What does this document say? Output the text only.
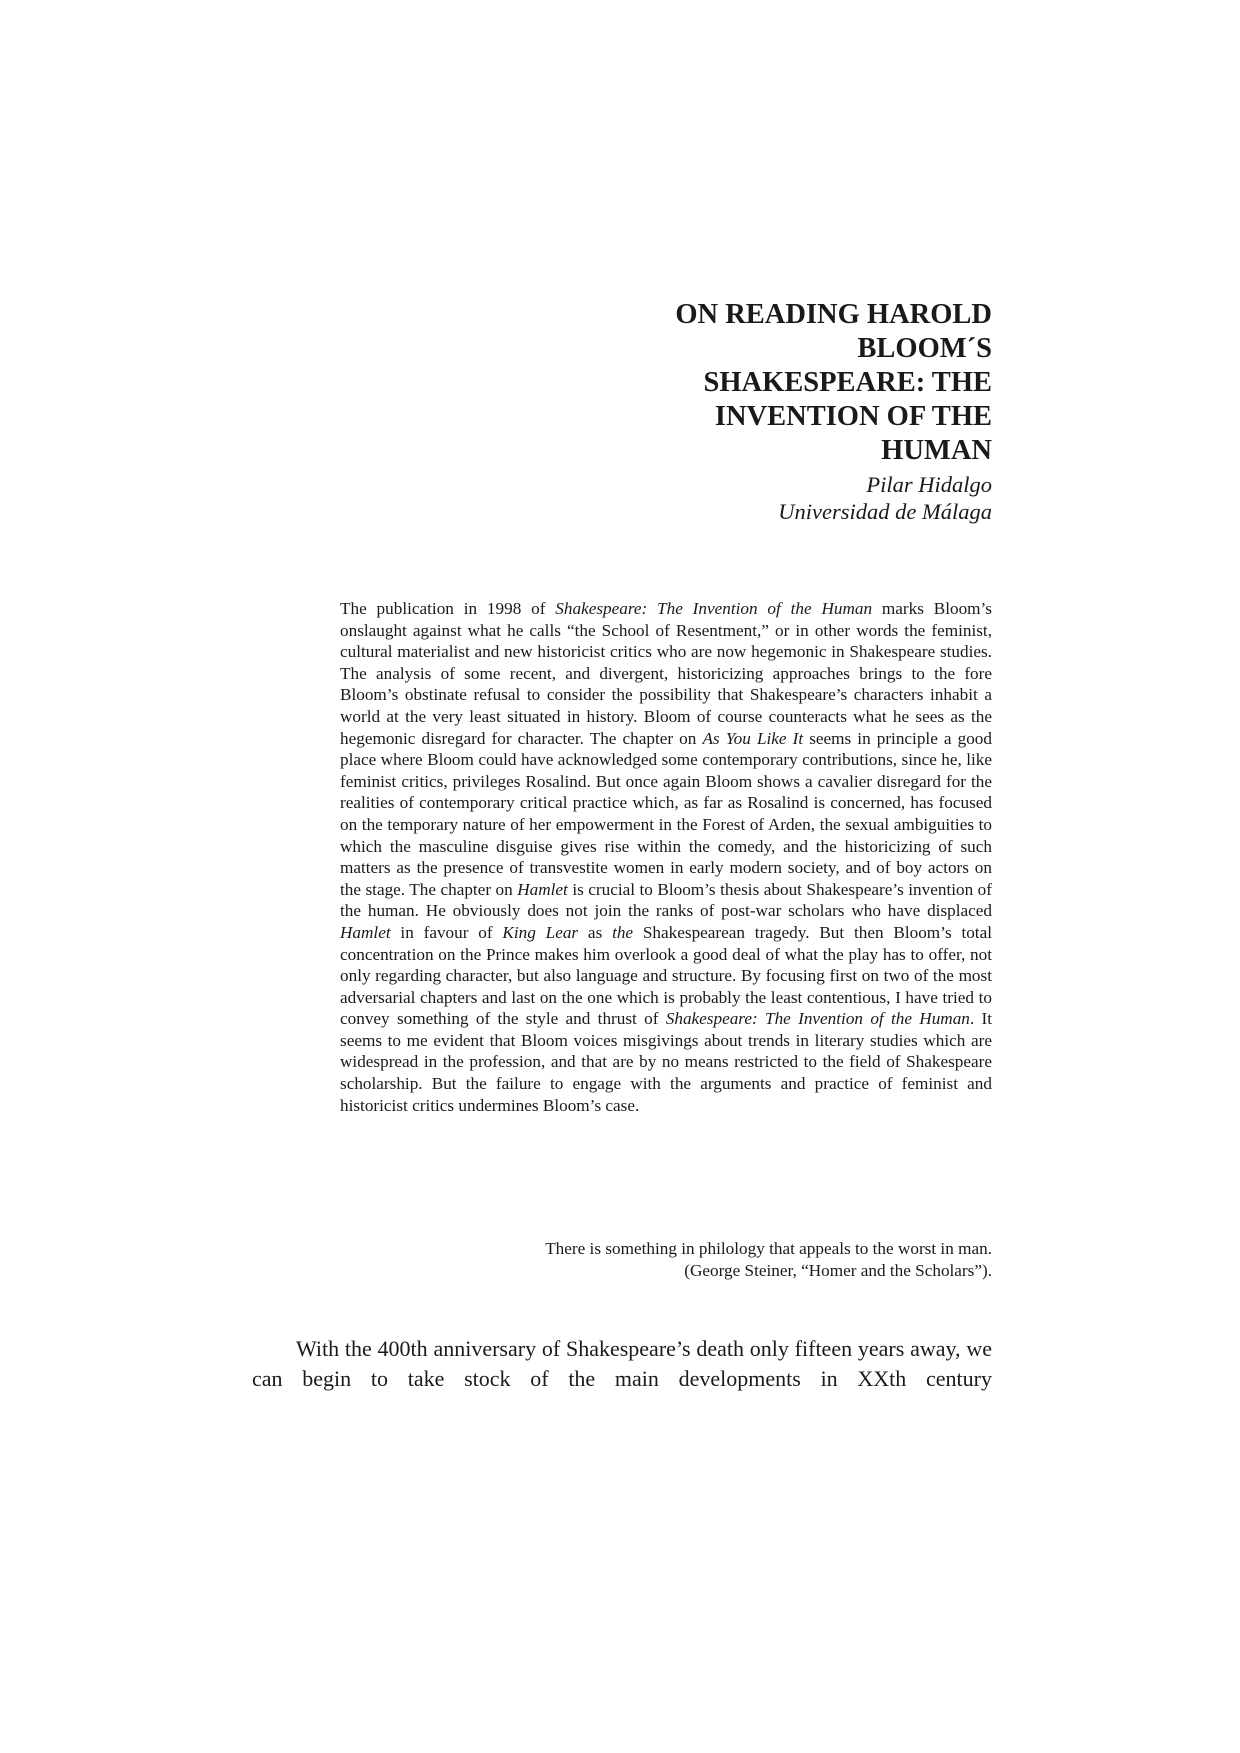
ON READING HAROLD
BLOOM´S
SHAKESPEARE: THE
INVENTION OF THE
HUMAN

Pilar Hidalgo

Universidad de Málaga

The publication in 1998 of Shakespeare: The Invention of the Human marks Bloom’s onslaught against what he calls “the School of Resentment,” or in other words the feminist, cultural materialist and new historicist critics who are now hegemonic in Shakespeare studies. The analysis of some recent, and divergent, historicizing approaches brings to the fore Bloom’s obstinate refusal to consider the possibility that Shakespeare’s characters inhabit a world at the very least situated in history. Bloom of course counteracts what he sees as the hegemonic disregard for character. The chapter on As You Like It seems in principle a good place where Bloom could have acknowledged some contemporary contributions, since he, like feminist critics, privileges Rosalind. But once again Bloom shows a cavalier disregard for the realities of contemporary critical practice which, as far as Rosalind is concerned, has focused on the temporary nature of her empowerment in the Forest of Arden, the sexual ambiguities to which the masculine disguise gives rise within the comedy, and the historicizing of such matters as the presence of transvestite women in early modern society, and of boy actors on the stage. The chapter on Hamlet is crucial to Bloom’s thesis about Shakespeare’s invention of the human. He obviously does not join the ranks of post-war scholars who have displaced Hamlet in favour of King Lear as the Shakespearean tragedy. But then Bloom’s total concentration on the Prince makes him overlook a good deal of what the play has to offer, not only regarding character, but also language and structure. By focusing first on two of the most adversarial chapters and last on the one which is probably the least contentious, I have tried to convey something of the style and thrust of Shakespeare: The Invention of the Human. It seems to me evident that Bloom voices misgivings about trends in literary studies which are widespread in the profession, and that are by no means restricted to the field of Shakespeare scholarship. But the failure to engage with the arguments and practice of feminist and historicist critics undermines Bloom’s case.

There is something in philology that appeals to the worst in man.
(George Steiner, “Homer and the Scholars”).

With the 400th anniversary of Shakespeare’s death only fifteen years away, we can begin to take stock of the main developments in XXth century
